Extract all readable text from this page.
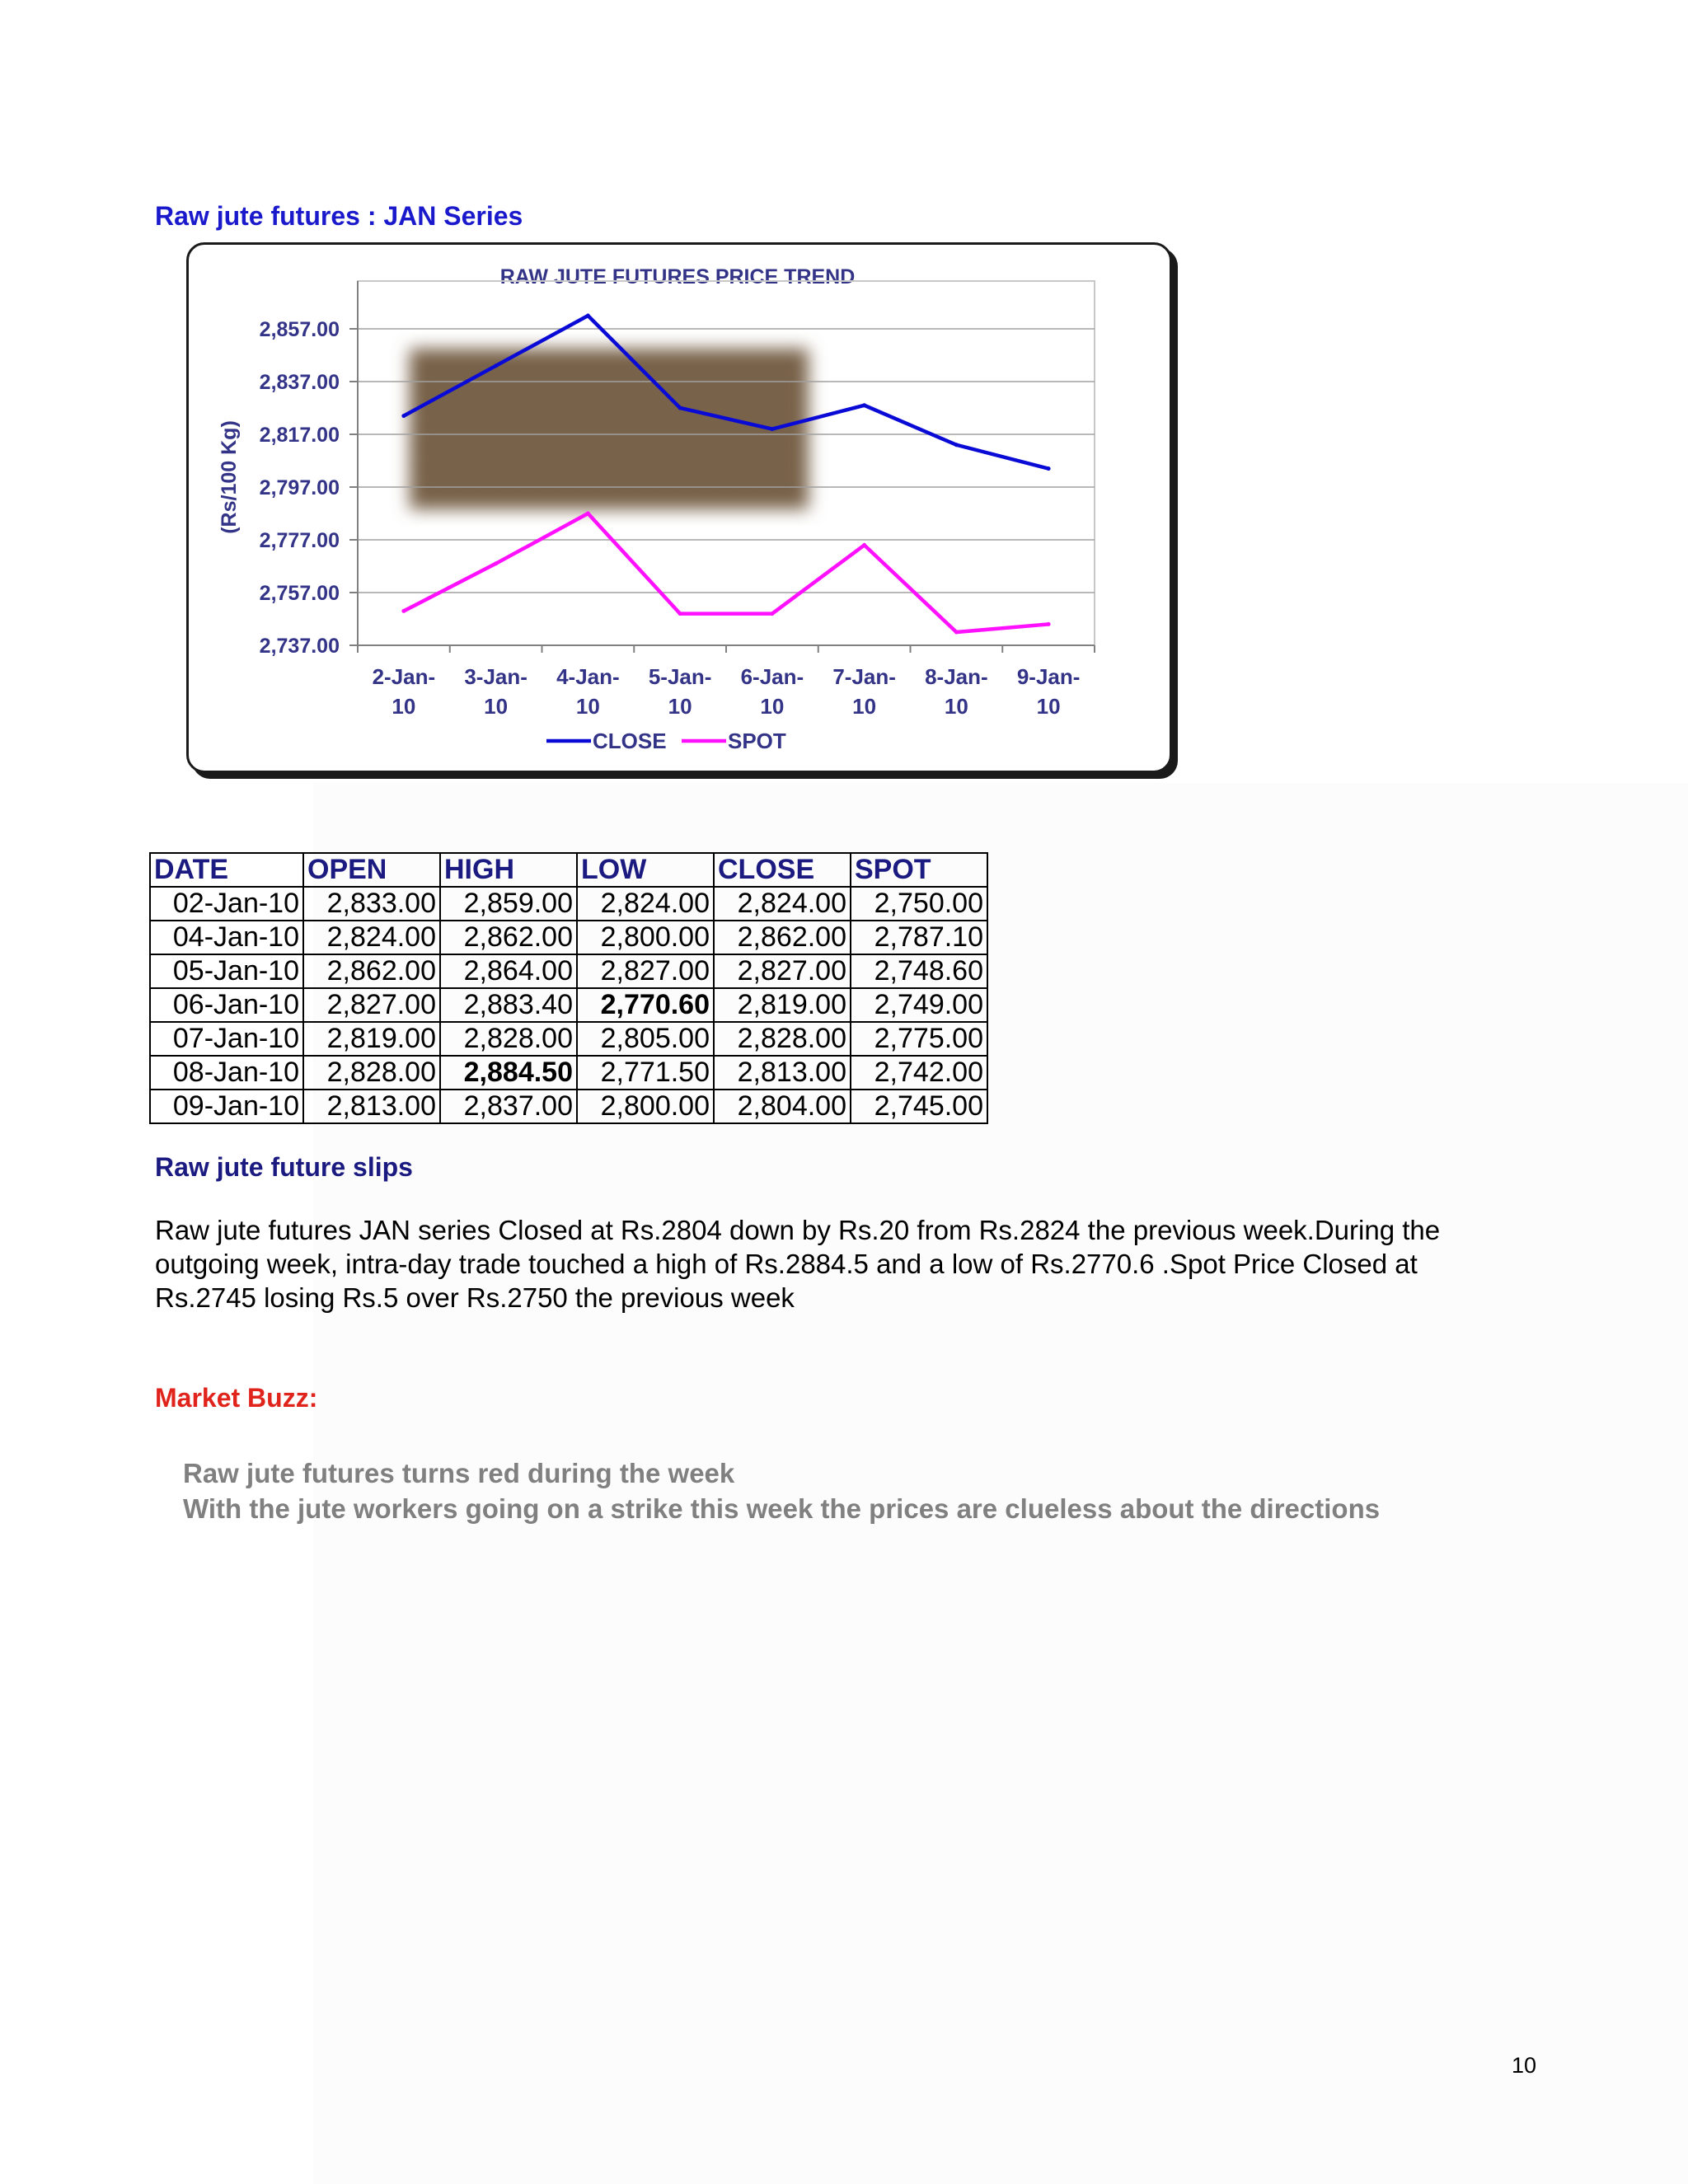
Raw jute futures : JAN Series
RAW JUTE FUTURES PRICE TREND
2,737.00
2,757.00
2,777.00
2,797.00
2,817.00
2,837.00
2,857.00
2-Jan-
10
3-Jan-
10
4-Jan-
10
5-Jan-
10
6-Jan-
10
7-Jan-
10
8-Jan-
10
9-Jan-
10
(Rs/100 Kg)
CLOSE	SPOT
DATE	OPEN	HIGH	LOW	CLOSE	SPOT
02-Jan-10	2,833.00	2,859.00	2,824.00	2,824.00	2,750.00
04-Jan-10	2,824.00	2,862.00	2,800.00	2,862.00	2,787.10
05-Jan-10	2,862.00	2,864.00	2,827.00	2,827.00	2,748.60
06-Jan-10	2,827.00	2,883.40	2,770.60	2,819.00	2,749.00
07-Jan-10	2,819.00	2,828.00	2,805.00	2,828.00	2,775.00
08-Jan-10	2,828.00	2,884.50	2,771.50	2,813.00	2,742.00
09-Jan-10	2,813.00	2,837.00	2,800.00	2,804.00	2,745.00
Raw jute future slips

Raw jute futures JAN series Closed at Rs.2804 down by Rs.20 from Rs.2824 the previous week.During the outgoing week, intra-day trade touched a high of Rs.2884.5 and a low of Rs.2770.6 .Spot Price Closed at Rs.2745 losing Rs.5 over Rs.2750 the previous week

Market Buzz:
Raw jute futures turns red during the week
With the jute workers going on a strike this week the prices are clueless about the directions
10
